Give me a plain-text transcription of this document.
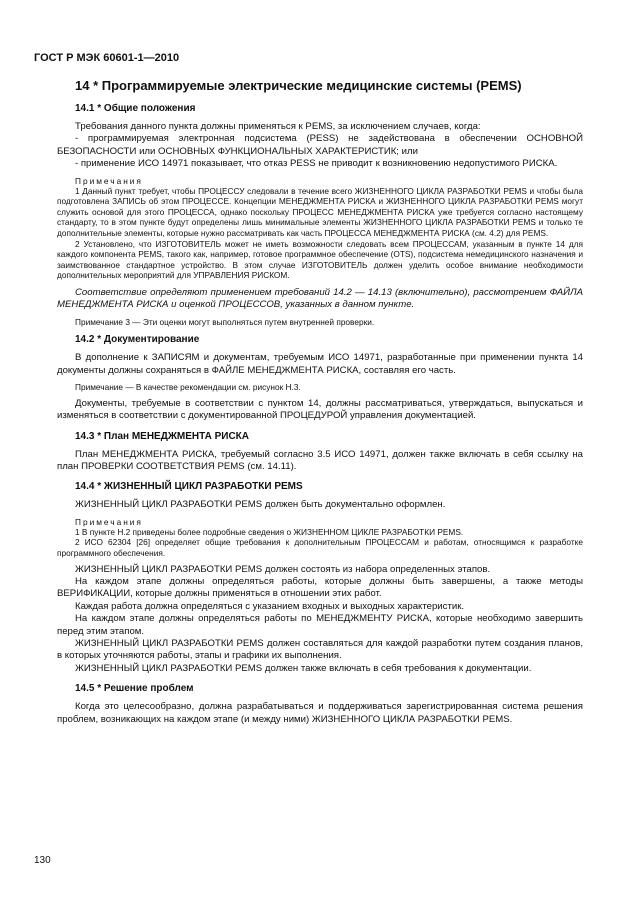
ГОСТ Р МЭК 60601-1—2010
14 * Программируемые электрические медицинские системы (PEMS)
14.1 * Общие положения

Требования данного пункта должны применяться к PEMS, за исключением случаев, когда:

- программируемая электронная подсистема (PESS) не задействована в обеспечении ОСНОВНОЙ БЕЗОПАСНОСТИ или ОСНОВНЫХ ФУНКЦИОНАЛЬНЫХ ХАРАКТЕРИСТИК; или

- применение ИСО 14971 показывает, что отказ PESS не приводит к возникновению недопустимого РИСКА.

Примечания

1 Данный пункт требует, чтобы ПРОЦЕССУ следовали в течение всего ЖИЗНЕННОГО ЦИКЛА РАЗРАБОТКИ PEMS и чтобы была подготовлена ЗАПИСЬ об этом ПРОЦЕССЕ. Концепции МЕНЕДЖМЕНТА РИСКА и ЖИЗНЕННОГО ЦИКЛА РАЗРАБОТКИ PEMS могут служить основой для этого ПРОЦЕССА, однако поскольку ПРОЦЕСС МЕНЕДЖМЕНТА РИСКА уже требуется согласно настоящему стандарту, то в этом пункте будут определены лишь минимальные элементы ЖИЗНЕННОГО ЦИКЛА РАЗРАБОТКИ PEMS и только те дополнительные элементы, которые нужно рассматривать как часть ПРОЦЕССА МЕНЕДЖМЕНТА РИСКА (см. 4.2) для PEMS.

2 Установлено, что ИЗГОТОВИТЕЛЬ может не иметь возможности следовать всем ПРОЦЕССАМ, указанным в пункте 14 для каждого компонента PEMS, такого как, например, готовое программное обеспечение (OTS), подсистема немедицинского назначения и заимствованное стандартное устройство. В этом случае ИЗГОТОВИТЕЛЬ должен уделить особое внимание необходимости дополнительных мероприятий для УПРАВЛЕНИЯ РИСКОМ.

Соответствие определяют применением требований 14.2 — 14.13 (включительно), рассмотрением ФАЙЛА МЕНЕДЖМЕНТА РИСКА и оценкой ПРОЦЕССОВ, указанных в данном пункте.

Примечание 3 — Эти оценки могут выполняться путем внутренней проверки.

14.2 * Документирование

В дополнение к ЗАПИСЯМ и документам, требуемым ИСО 14971, разработанные при применении пункта 14 документы должны сохраняться в ФАЙЛЕ МЕНЕДЖМЕНТА РИСКА, составляя его часть.

Примечание — В качестве рекомендации см. рисунок Н.3.

Документы, требуемые в соответствии с пунктом 14, должны рассматриваться, утверждаться, выпускаться и изменяться в соответствии с документированной ПРОЦЕДУРОЙ управления документацией.

14.3 * План МЕНЕДЖМЕНТА РИСКА

План МЕНЕДЖМЕНТА РИСКА, требуемый согласно 3.5 ИСО 14971, должен также включать в себя ссылку на план ПРОВЕРКИ СООТВЕТСТВИЯ PEMS (см. 14.11).

14.4 * ЖИЗНЕННЫЙ ЦИКЛ РАЗРАБОТКИ PEMS

ЖИЗНЕННЫЙ ЦИКЛ РАЗРАБОТКИ PEMS должен быть документально оформлен.

Примечания

1 В пункте Н.2 приведены более подробные сведения о ЖИЗНЕННОМ ЦИКЛЕ РАЗРАБОТКИ PEMS.

2 ИСО 62304 [26] определяет общие требования к дополнительным ПРОЦЕССАМ и работам, относящимся к разработке программного обеспечения.

ЖИЗНЕННЫЙ ЦИКЛ РАЗРАБОТКИ PEMS должен состоять из набора определенных этапов.

На каждом этапе должны определяться работы, которые должны быть завершены, а также методы ВЕРИФИКАЦИИ, которые должны применяться в отношении этих работ.

Каждая работа должна определяться с указанием входных и выходных характеристик.

На каждом этапе должны определяться работы по МЕНЕДЖМЕНТУ РИСКА, которые необходимо завершить перед этим этапом.

ЖИЗНЕННЫЙ ЦИКЛ РАЗРАБОТКИ PEMS должен составляться для каждой разработки путем создания планов, в которых уточняются работы, этапы и графики их выполнения.

ЖИЗНЕННЫЙ ЦИКЛ РАЗРАБОТКИ PEMS должен также включать в себя требования к документации.

14.5 * Решение проблем

Когда это целесообразно, должна разрабатываться и поддерживаться зарегистрированная система решения проблем, возникающих на каждом этапе (и между ними) ЖИЗНЕННОГО ЦИКЛА РАЗРАБОТКИ PEMS.

130
